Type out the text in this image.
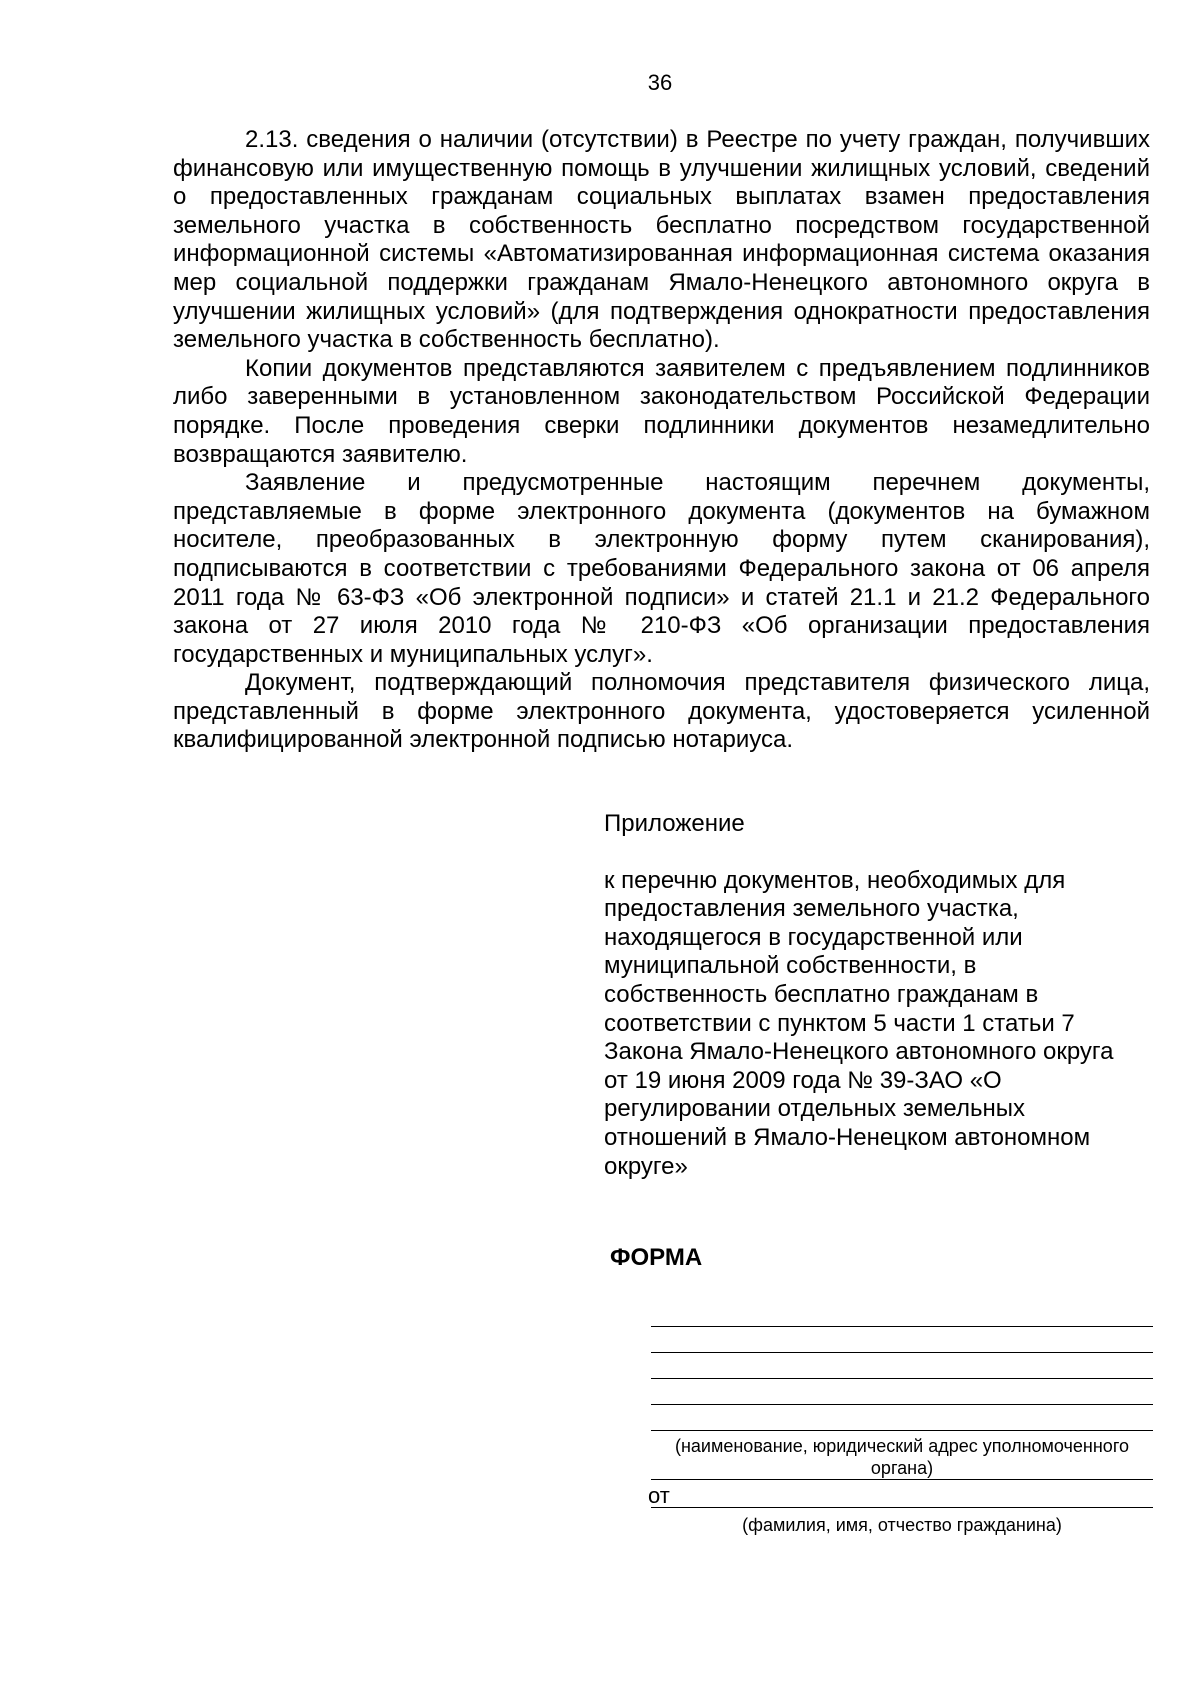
36

2.13. сведения о наличии (отсутствии) в Реестре по учету граждан, получивших финансовую или имущественную помощь в улучшении жилищных условий, сведений о предоставленных гражданам социальных выплатах взамен предоставления земельного участка в собственность бесплатно посредством государственной информационной системы «Автоматизированная информационная система оказания мер социальной поддержки гражданам Ямало-Ненецкого автономного округа в улучшении жилищных условий» (для подтверждения однократности предоставления земельного участка в собственность бесплатно).

Копии документов представляются заявителем с предъявлением подлинников либо заверенными в установленном законодательством Российской Федерации порядке. После проведения сверки подлинники документов незамедлительно возвращаются заявителю.

Заявление и предусмотренные настоящим перечнем документы, представляемые в форме электронного документа (документов на бумажном носителе, преобразованных в электронную форму путем сканирования), подписываются в соответствии с требованиями Федерального закона от 06 апреля 2011 года № 63-ФЗ «Об электронной подписи» и статей 21.1 и 21.2 Федерального закона от 27 июля 2010 года № 210-ФЗ «Об организации предоставления государственных и муниципальных услуг».

Документ, подтверждающий полномочия представителя физического лица, представленный в форме электронного документа, удостоверяется усиленной квалифицированной электронной подписью нотариуса.

Приложение

к перечню документов, необходимых для предоставления земельного участка, находящегося в государственной или муниципальной собственности, в собственность бесплатно гражданам в соответствии с пунктом 5 части 1 статьи 7 Закона Ямало-Ненецкого автономного округа от 19 июня 2009 года № 39-ЗАО «О регулировании отдельных земельных отношений в Ямало-Ненецком автономном округе»

ФОРМА
(наименование, юридический адрес уполномоченного органа)
от
(фамилия, имя, отчество гражданина)
